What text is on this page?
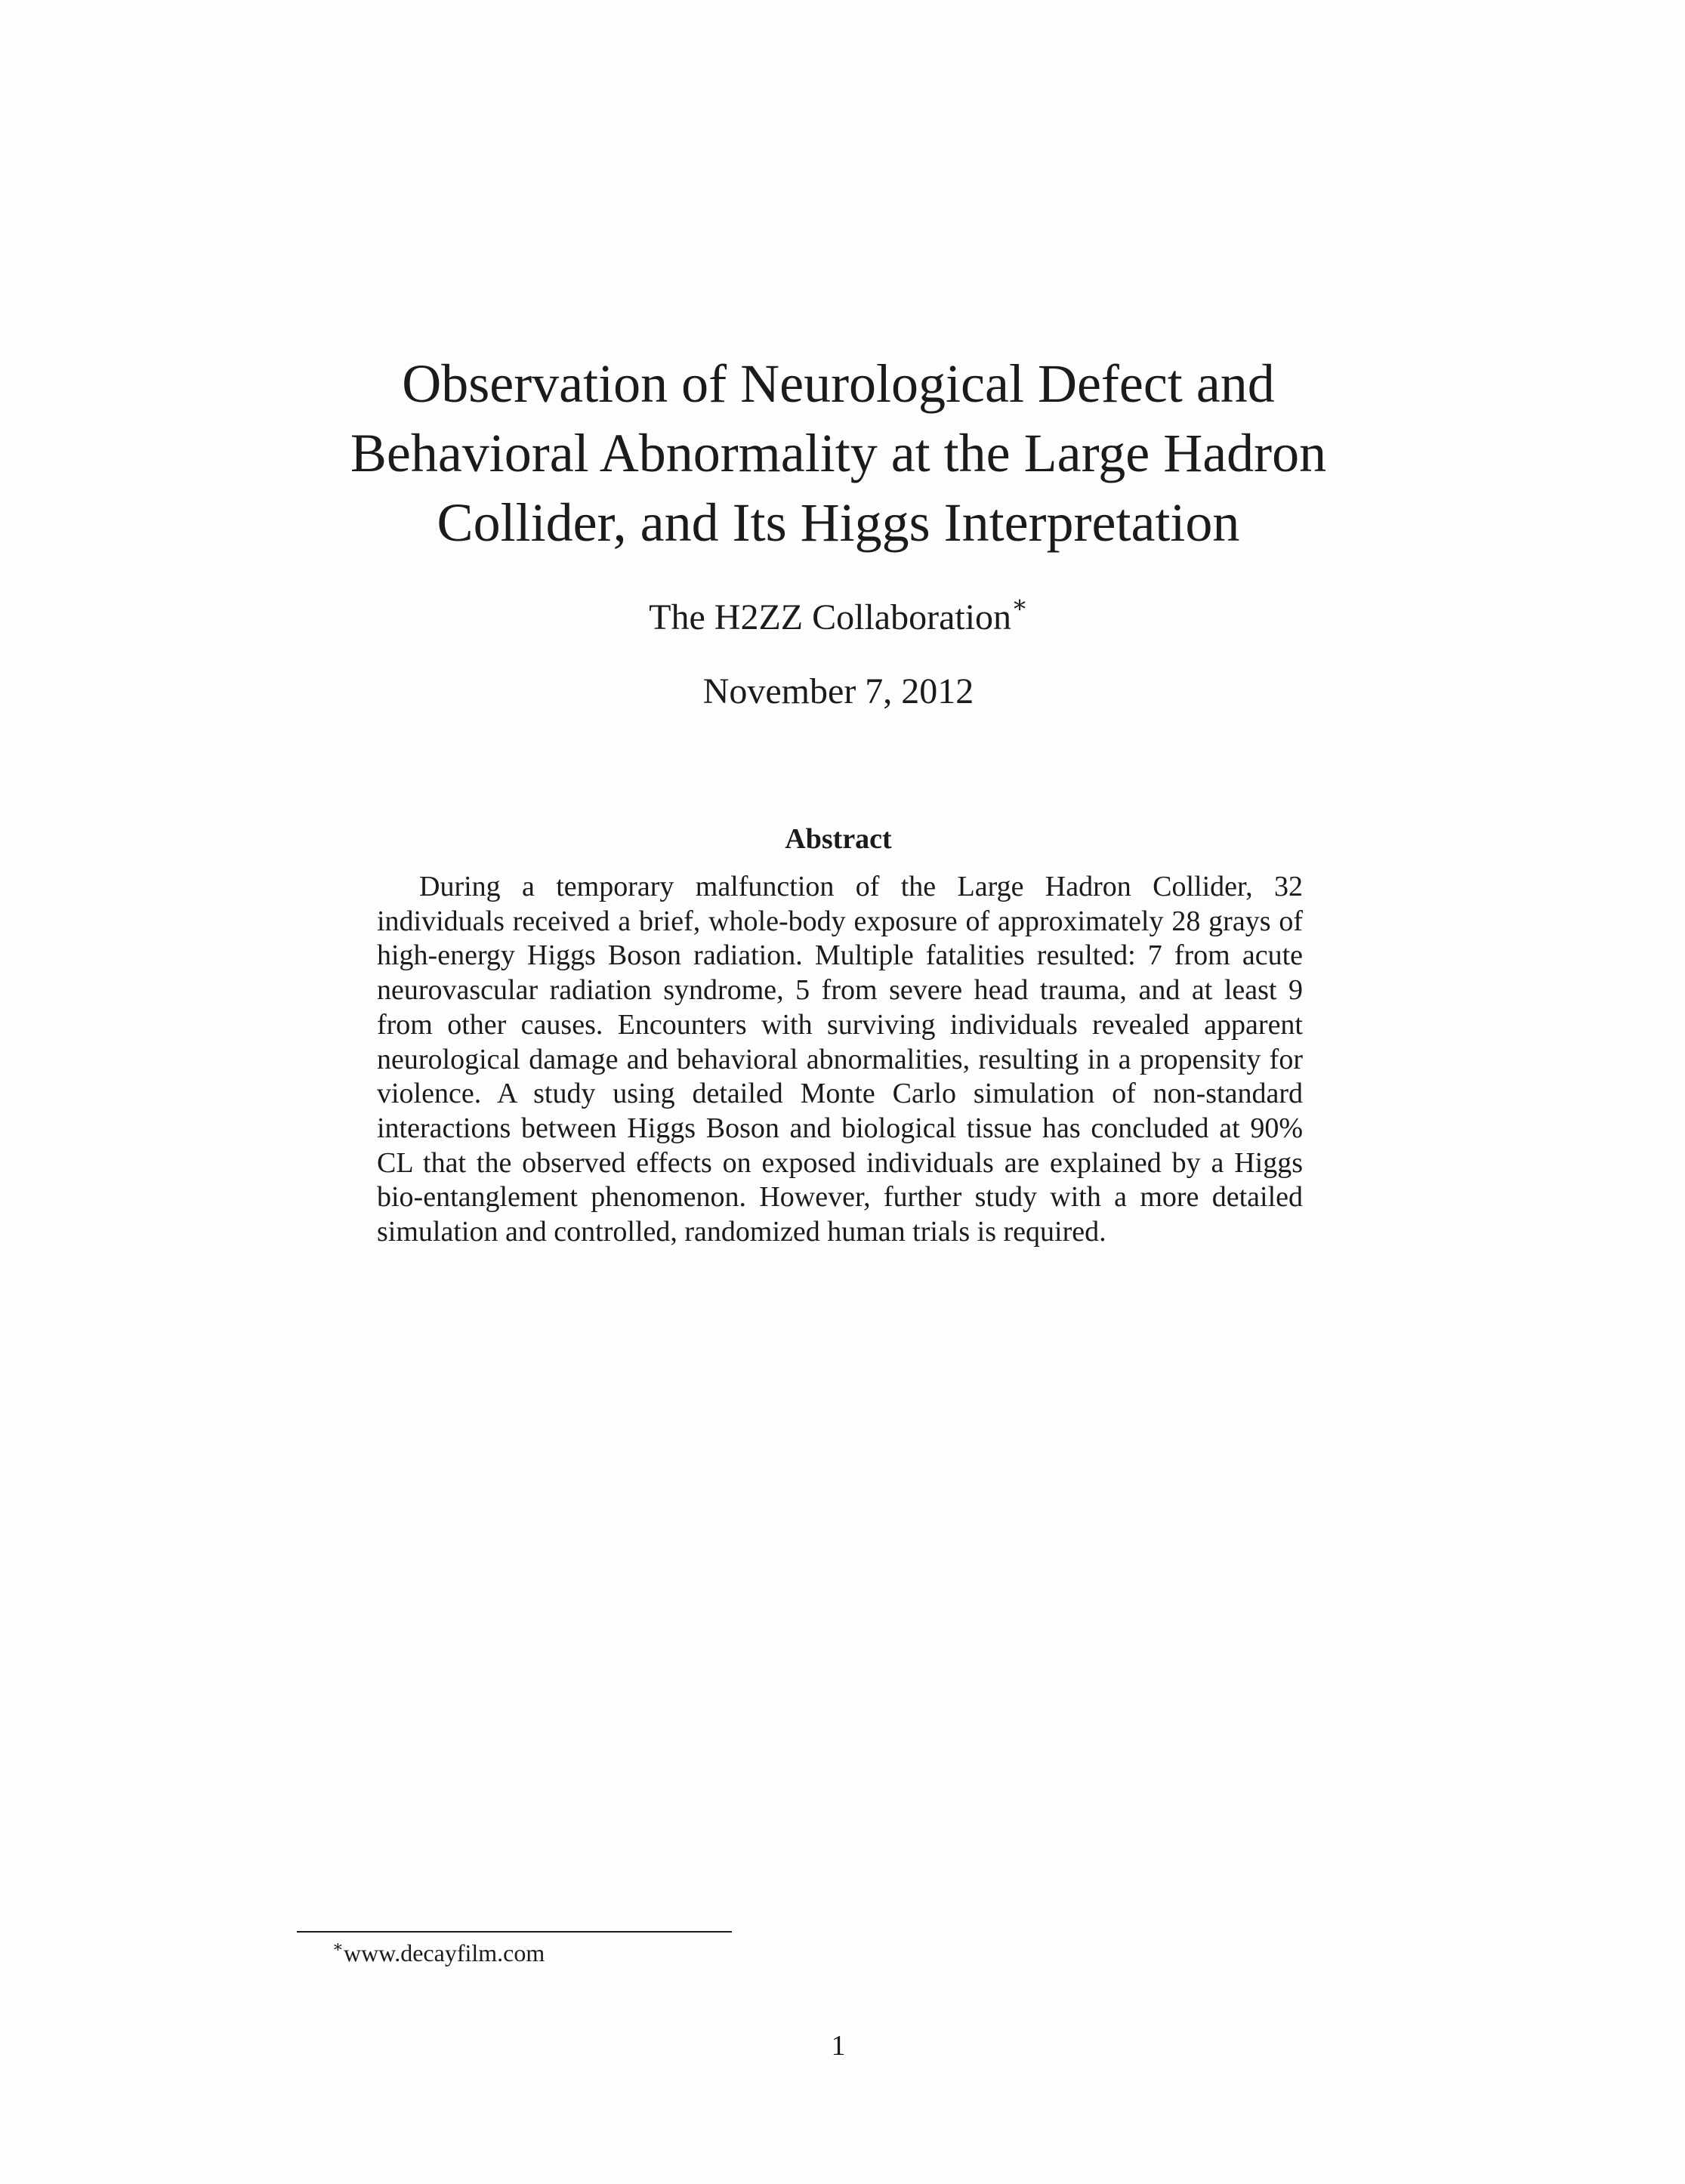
Observation of Neurological Defect and Behavioral Abnormality at the Large Hadron Collider, and Its Higgs Interpretation

The H2ZZ Collaboration∗

November 7, 2012

Abstract

During a temporary malfunction of the Large Hadron Collider, 32 individuals received a brief, whole-body exposure of approximately 28 grays of high-energy Higgs Boson radiation. Multiple fatalities resulted: 7 from acute neurovascular radiation syndrome, 5 from severe head trauma, and at least 9 from other causes. Encounters with surviving individuals revealed apparent neurological damage and behavioral abnormalities, resulting in a propensity for violence. A study using detailed Monte Carlo simulation of non-standard interactions between Higgs Boson and biological tissue has concluded at 90% CL that the observed effects on exposed individuals are explained by a Higgs bio-entanglement phenomenon. However, further study with a more detailed simulation and controlled, randomized human trials is required.

∗www.decayfilm.com

1
